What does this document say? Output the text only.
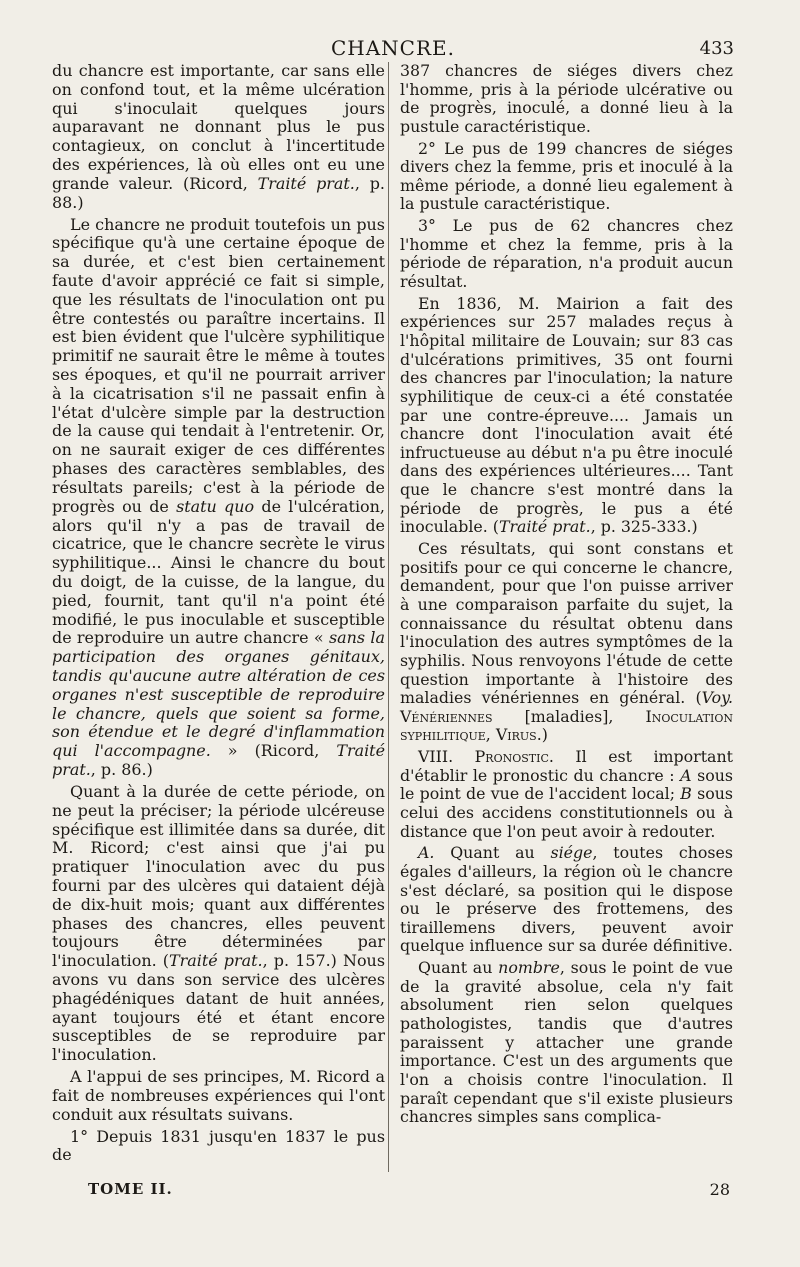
CHANCRE.	433

du chancre est importante, car sans elle on confond tout, et la même ulcération qui s'inoculait quelques jours auparavant ne donnant plus le pus contagieux, on conclut à l'incertitude des expériences, là où elles ont eu une grande valeur. (Ricord, Traité prat., p. 88.)

Le chancre ne produit toutefois un pus spécifique qu'à une certaine époque de sa durée, et c'est bien certainement faute d'avoir apprécié ce fait si simple, que les résultats de l'inoculation ont pu être contestés ou paraître incertains. Il est bien évident que l'ulcère syphilitique primitif ne saurait être le même à toutes ses époques, et qu'il ne pourrait arriver à la cicatrisation s'il ne passait enfin à l'état d'ulcère simple par la destruction de la cause qui tendait à l'entretenir. Or, on ne saurait exiger de ces différentes phases des caractères semblables, des résultats pareils; c'est à la période de progrès ou de statu quo de l'ulcération, alors qu'il n'y a pas de travail de cicatrice, que le chancre secrète le virus syphilitique... Ainsi le chancre du bout du doigt, de la cuisse, de la langue, du pied, fournit, tant qu'il n'a point été modifié, le pus inoculable et susceptible de reproduire un autre chancre « sans la participation des organes génitaux, tandis qu'aucune autre altération de ces organes n'est susceptible de reproduire le chancre, quels que soient sa forme, son étendue et le degré d'inflammation qui l'accompagne. » (Ricord, Traité prat., p. 86.)

Quant à la durée de cette période, on ne peut la préciser; la période ulcéreuse spécifique est illimitée dans sa durée, dit M. Ricord; c'est ainsi que j'ai pu pratiquer l'inoculation avec du pus fourni par des ulcères qui dataient déjà de dix-huit mois; quant aux différentes phases des chancres, elles peuvent toujours être déterminées par l'inoculation. (Traité prat., p. 157.) Nous avons vu dans son service des ulcères phagédéniques datant de huit années, ayant toujours été et étant encore susceptibles de se reproduire par l'inoculation.

A l'appui de ses principes, M. Ricord a fait de nombreuses expériences qui l'ont conduit aux résultats suivans.

1° Depuis 1831 jusqu'en 1837 le pus de

387 chancres de siéges divers chez l'homme, pris à la période ulcérative ou de progrès, inoculé, a donné lieu à la pustule caractéristique.

2° Le pus de 199 chancres de siéges divers chez la femme, pris et inoculé à la même période, a donné lieu egalement à la pustule caractéristique.

3° Le pus de 62 chancres chez l'homme et chez la femme, pris à la période de réparation, n'a produit aucun résultat.

En 1836, M. Mairion a fait des expériences sur 257 malades reçus à l'hôpital militaire de Louvain; sur 83 cas d'ulcérations primitives, 35 ont fourni des chancres par l'inoculation; la nature syphilitique de ceux-ci a été constatée par une contre-épreuve.... Jamais un chancre dont l'inoculation avait été infructueuse au début n'a pu être inoculé dans des expériences ultérieures.... Tant que le chancre s'est montré dans la période de progrès, le pus a été inoculable. (Traité prat., p. 325-333.)

Ces résultats, qui sont constans et positifs pour ce qui concerne le chancre, demandent, pour que l'on puisse arriver à une comparaison parfaite du sujet, la connaissance du résultat obtenu dans l'inoculation des autres symptômes de la syphilis. Nous renvoyons l'étude de cette question importante à l'histoire des maladies vénériennes en général. (Voy. Vénériennes [maladies], Inoculation syphilitique, Virus.)

VIII. Pronostic. Il est important d'établir le pronostic du chancre : A sous le point de vue de l'accident local; B sous celui des accidens constitutionnels ou à distance que l'on peut avoir à redouter.

A. Quant au siége, toutes choses égales d'ailleurs, la région où le chancre s'est déclaré, sa position qui le dispose ou le préserve des frottemens, des tiraillemens divers, peuvent avoir quelque influence sur sa durée définitive.

Quant au nombre, sous le point de vue de la gravité absolue, cela n'y fait absolument rien selon quelques pathologistes, tandis que d'autres paraissent y attacher une grande importance. C'est un des arguments que l'on a choisis contre l'inoculation. Il paraît cependant que s'il existe plusieurs chancres simples sans complica-

TOME II.	28
